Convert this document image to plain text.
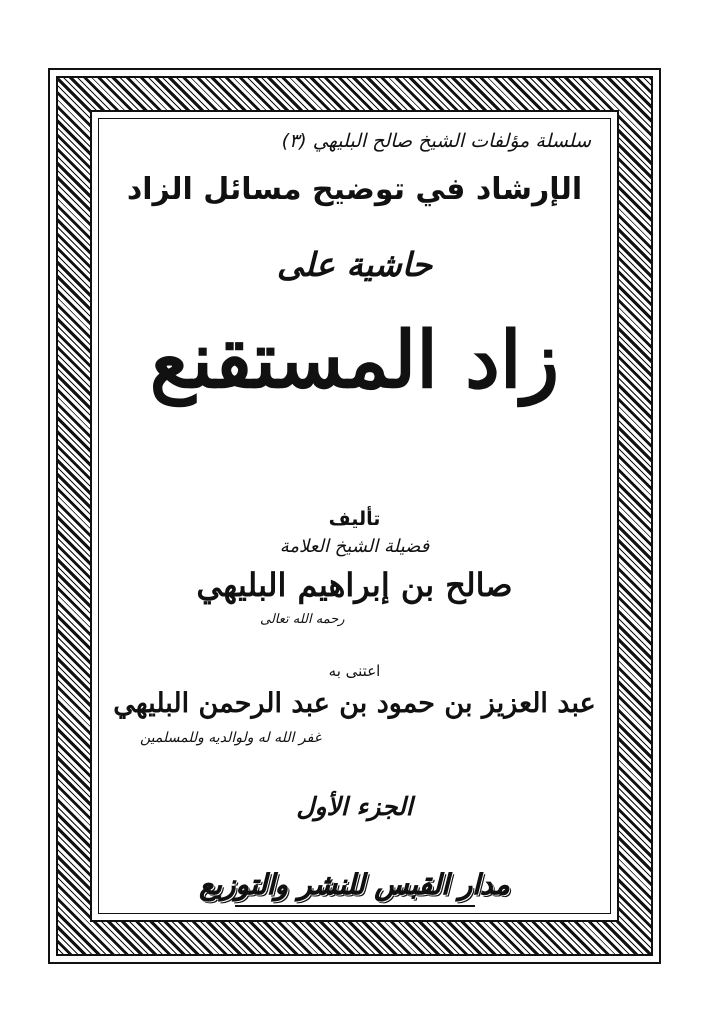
سلسلة مؤلفات الشيخ صالح البليهي (٣)
الإرشاد في توضيح مسائل الزاد
حاشية على
زاد المستقنع
تأليف
فضيلة الشيخ العلامة
صالح بن إبراهيم البليهي
رحمه الله تعالى
اعتنى به
عبد العزيز بن حمود بن عبد الرحمن البليهي
غفر الله له ولوالديه وللمسلمين
الجزء الأول
مدار القبس للنشر والتوزيع
